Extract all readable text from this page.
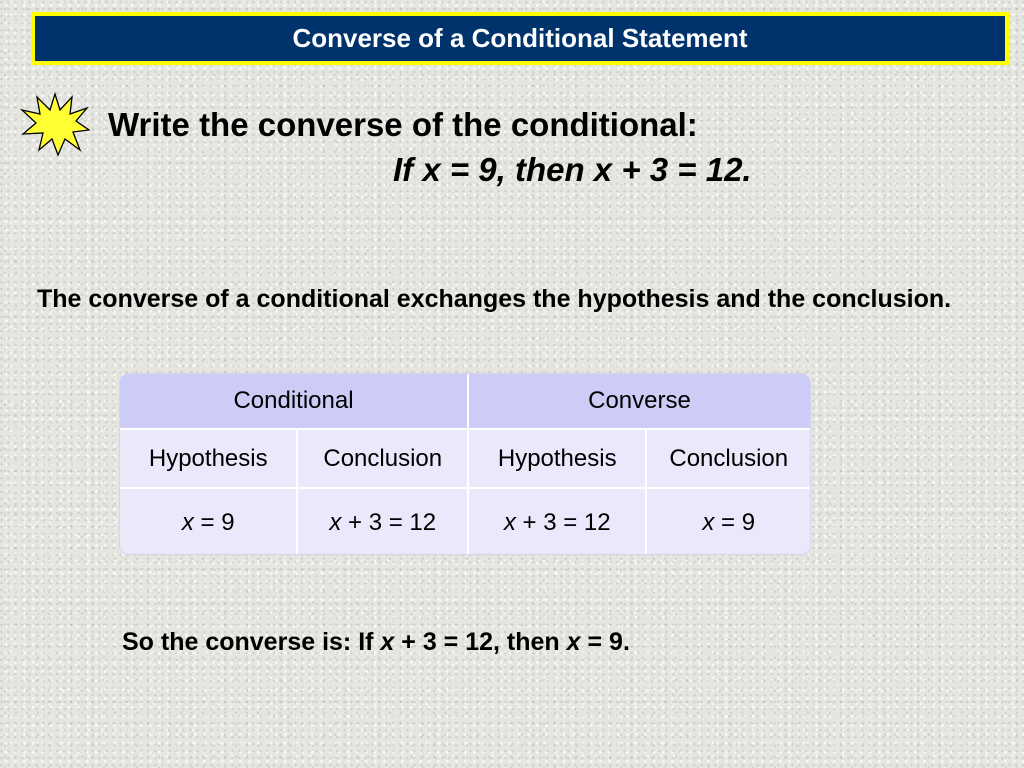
Converse of a Conditional Statement
Write the converse of the conditional:
If x = 9, then x + 3 = 12.
The converse of a conditional exchanges the hypothesis and the conclusion.
Conditional	Converse
Hypothesis	Conclusion	Hypothesis	Conclusion
x = 9	x + 3 = 12	x + 3 = 12	x = 9
So the converse is: If x + 3 = 12, then x = 9.
